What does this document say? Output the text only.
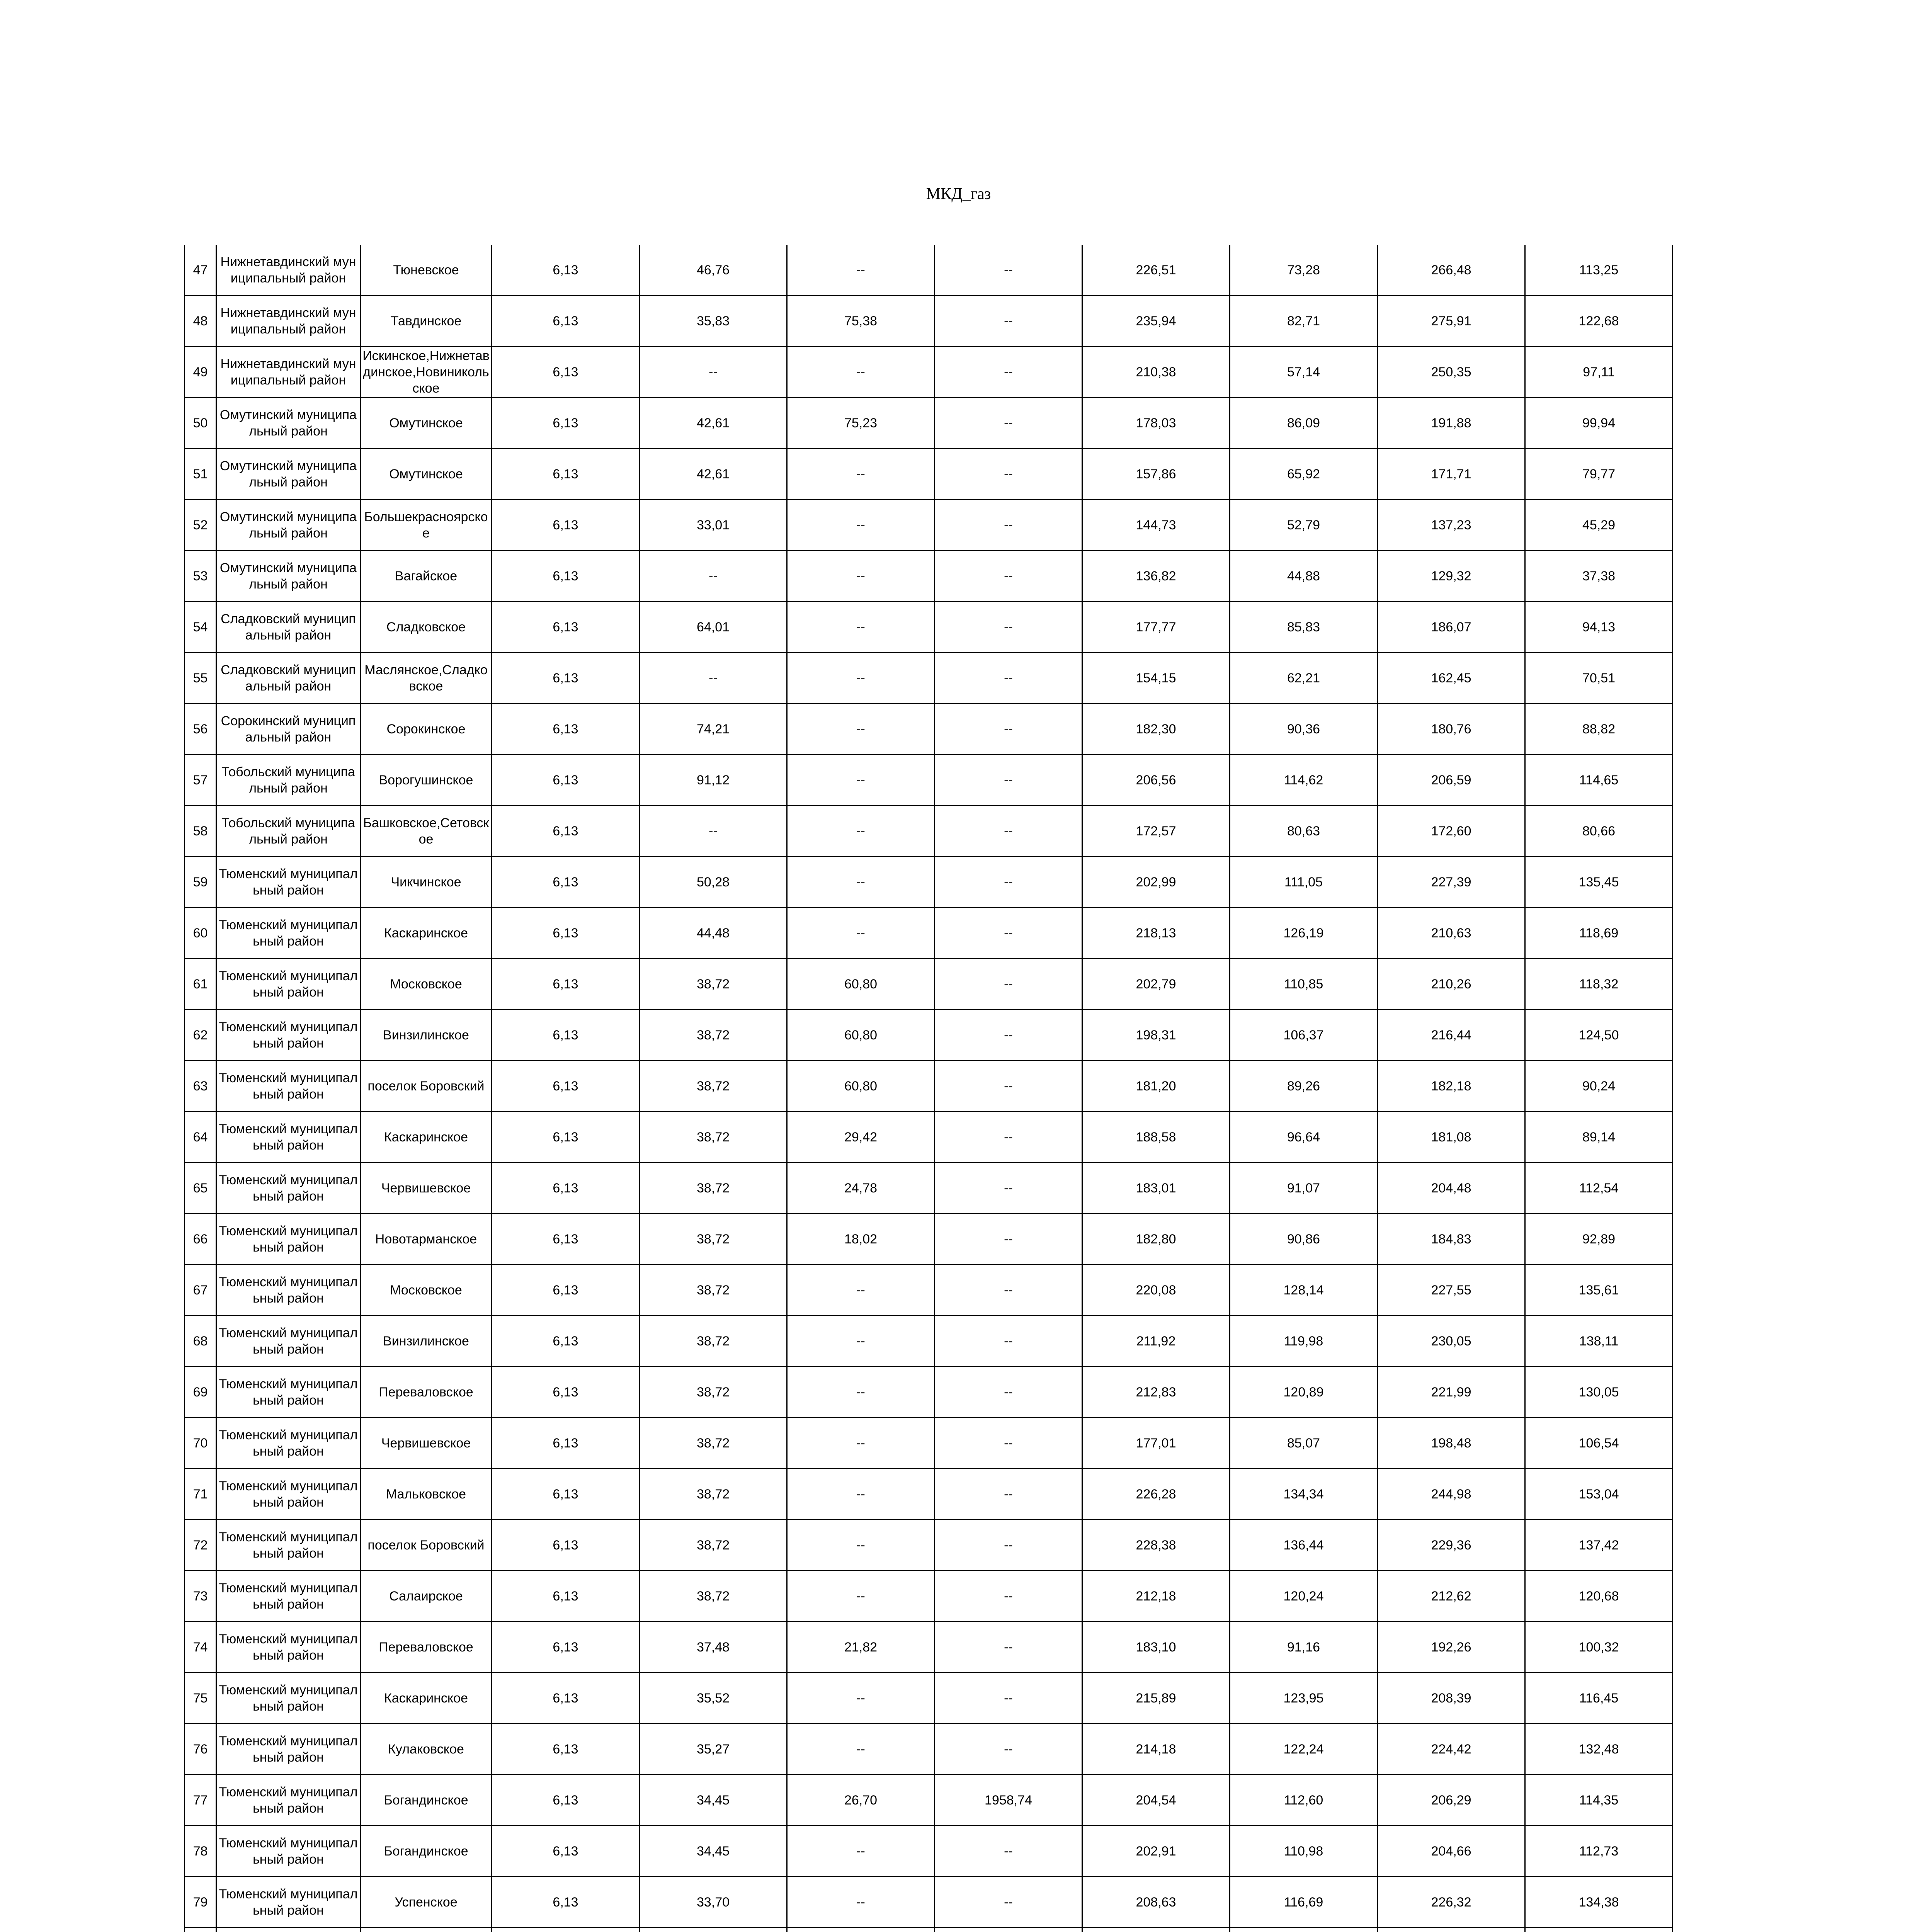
МКД_газ
47	Нижнетавдинский муниципальный район	Тюневское	6,13	46,76	--	--	226,51	73,28	266,48	113,25
48	Нижнетавдинский муниципальный район	Тавдинское	6,13	35,83	75,38	--	235,94	82,71	275,91	122,68
49	Нижнетавдинский муниципальный район	Искинское,Нижнетавдинское,Новиникольское	6,13	--	--	--	210,38	57,14	250,35	97,11
50	Омутинский муниципальный район	Омутинское	6,13	42,61	75,23	--	178,03	86,09	191,88	99,94
51	Омутинский муниципальный район	Омутинское	6,13	42,61	--	--	157,86	65,92	171,71	79,77
52	Омутинский муниципальный район	Большекрасноярское	6,13	33,01	--	--	144,73	52,79	137,23	45,29
53	Омутинский муниципальный район	Вагайское	6,13	--	--	--	136,82	44,88	129,32	37,38
54	Сладковский муниципальный район	Сладковское	6,13	64,01	--	--	177,77	85,83	186,07	94,13
55	Сладковский муниципальный район	Маслянское,Сладковское	6,13	--	--	--	154,15	62,21	162,45	70,51
56	Сорокинский муниципальный район	Сорокинское	6,13	74,21	--	--	182,30	90,36	180,76	88,82
57	Тобольский муниципальный район	Ворогушинское	6,13	91,12	--	--	206,56	114,62	206,59	114,65
58	Тобольский муниципальный район	Башковское,Сетовское	6,13	--	--	--	172,57	80,63	172,60	80,66
59	Тюменский муниципальный район	Чикчинское	6,13	50,28	--	--	202,99	111,05	227,39	135,45
60	Тюменский муниципальный район	Каскаринское	6,13	44,48	--	--	218,13	126,19	210,63	118,69
61	Тюменский муниципальный район	Московское	6,13	38,72	60,80	--	202,79	110,85	210,26	118,32
62	Тюменский муниципальный район	Винзилинское	6,13	38,72	60,80	--	198,31	106,37	216,44	124,50
63	Тюменский муниципальный район	поселок Боровский	6,13	38,72	60,80	--	181,20	89,26	182,18	90,24
64	Тюменский муниципальный район	Каскаринское	6,13	38,72	29,42	--	188,58	96,64	181,08	89,14
65	Тюменский муниципальный район	Червишевское	6,13	38,72	24,78	--	183,01	91,07	204,48	112,54
66	Тюменский муниципальный район	Новотарманское	6,13	38,72	18,02	--	182,80	90,86	184,83	92,89
67	Тюменский муниципальный район	Московское	6,13	38,72	--	--	220,08	128,14	227,55	135,61
68	Тюменский муниципальный район	Винзилинское	6,13	38,72	--	--	211,92	119,98	230,05	138,11
69	Тюменский муниципальный район	Переваловское	6,13	38,72	--	--	212,83	120,89	221,99	130,05
70	Тюменский муниципальный район	Червишевское	6,13	38,72	--	--	177,01	85,07	198,48	106,54
71	Тюменский муниципальный район	Мальковское	6,13	38,72	--	--	226,28	134,34	244,98	153,04
72	Тюменский муниципальный район	поселок Боровский	6,13	38,72	--	--	228,38	136,44	229,36	137,42
73	Тюменский муниципальный район	Салаирское	6,13	38,72	--	--	212,18	120,24	212,62	120,68
74	Тюменский муниципальный район	Переваловское	6,13	37,48	21,82	--	183,10	91,16	192,26	100,32
75	Тюменский муниципальный район	Каскаринское	6,13	35,52	--	--	215,89	123,95	208,39	116,45
76	Тюменский муниципальный район	Кулаковское	6,13	35,27	--	--	214,18	122,24	224,42	132,48
77	Тюменский муниципальный район	Богандинское	6,13	34,45	26,70	1958,74	204,54	112,60	206,29	114,35
78	Тюменский муниципальный район	Богандинское	6,13	34,45	--	--	202,91	110,98	204,66	112,73
79	Тюменский муниципальный район	Успенское	6,13	33,70	--	--	208,63	116,69	226,32	134,38
